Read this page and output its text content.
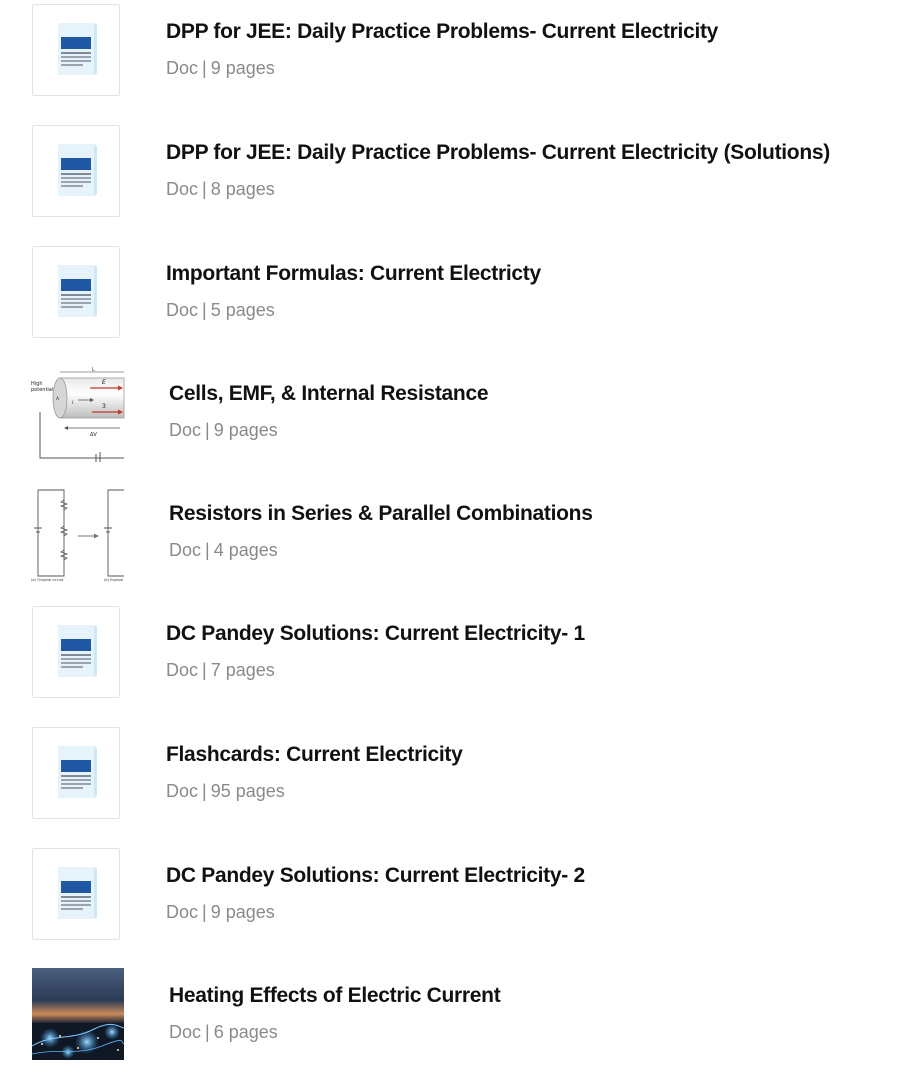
DPP for JEE: Daily Practice Problems- Current Electricity
Doc | 9 pages
DPP for JEE: Daily Practice Problems- Current Electricity (Solutions)
Doc | 8 pages
Important Formulas: Current Electricty
Doc | 5 pages
L
E
3
A
I
ΔV
High
potential	Cells, EMF, & Internal Resistance
Doc | 9 pages
(a) Original circuit	(b) Equival
Resistors in Series & Parallel Combinations
Doc | 4 pages
DC Pandey Solutions: Current Electricity- 1
Doc | 7 pages
Flashcards: Current Electricity
Doc | 95 pages
DC Pandey Solutions: Current Electricity- 2
Doc | 9 pages
Heating Effects of Electric Current
Doc | 6 pages
